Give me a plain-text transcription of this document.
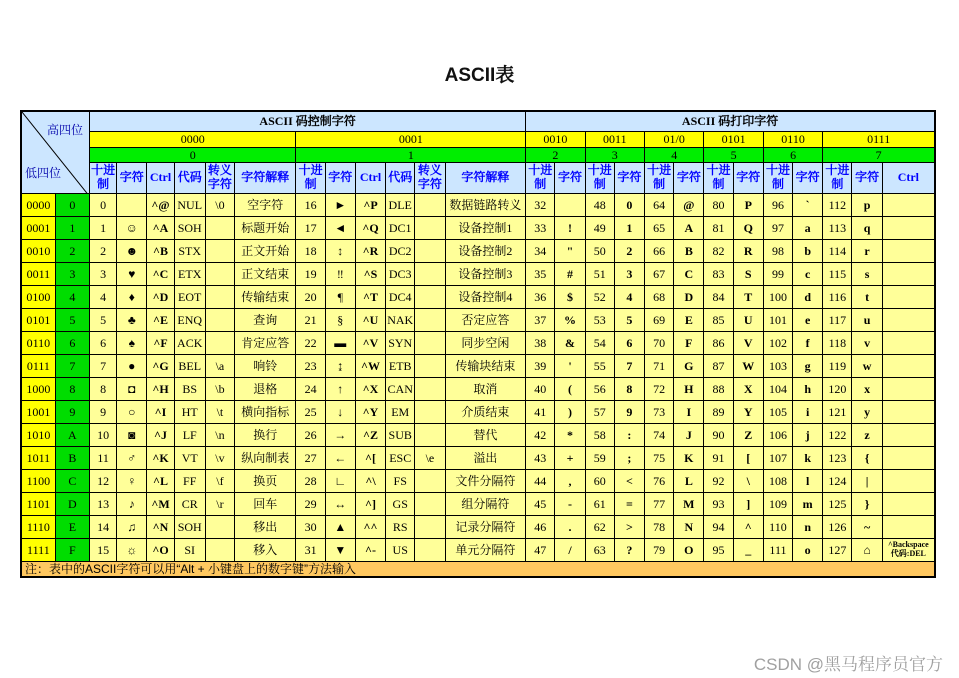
ASCII表
高四位
低四位		ASCII 码控制字符												ASCII 码打印字符												
		0000						0001						0010		0011		01/0		0101		0110		0111		
		0						1						2		3		4		5		6		7		
		十进制	字符	Ctrl	代码	转义字符	字符解释	十进制	字符	Ctrl	代码	转义字符	字符解释	十进制	字符	十进制	字符	十进制	字符	十进制	字符	十进制	字符	十进制	字符	Ctrl
0000	0	0		^@	NUL	\0	空字符	16	►	^P	DLE		数据链路转义	32		48	0	64	@	80	P	96	`	112	p	
0001	1	1	☺	^A	SOH		标题开始	17	◄	^Q	DC1		设备控制1	33	!	49	1	65	A	81	Q	97	a	113	q	
0010	2	2	☻	^B	STX		正文开始	18	↕	^R	DC2		设备控制2	34	"	50	2	66	B	82	R	98	b	114	r	
0011	3	3	♥	^C	ETX		正文结束	19	‼	^S	DC3		设备控制3	35	#	51	3	67	C	83	S	99	c	115	s	
0100	4	4	♦	^D	EOT		传输结束	20	¶	^T	DC4		设备控制4	36	$	52	4	68	D	84	T	100	d	116	t	
0101	5	5	♣	^E	ENQ		查询	21	§	^U	NAK		否定应答	37	%	53	5	69	E	85	U	101	e	117	u	
0110	6	6	♠	^F	ACK		肯定应答	22	▬	^V	SYN		同步空闲	38	&	54	6	70	F	86	V	102	f	118	v	
0111	7	7	●	^G	BEL	\a	响铃	23	↨	^W	ETB		传输块结束	39	'	55	7	71	G	87	W	103	g	119	w	
1000	8	8	◘	^H	BS	\b	退格	24	↑	^X	CAN		取消	40	(	56	8	72	H	88	X	104	h	120	x	
1001	9	9	○	^I	HT	\t	横向指标	25	↓	^Y	EM		介质结束	41	)	57	9	73	I	89	Y	105	i	121	y	
1010	A	10	◙	^J	LF	\n	换行	26	→	^Z	SUB		替代	42	*	58	:	74	J	90	Z	106	j	122	z	
1011	B	11	♂	^K	VT	\v	纵向制表	27	←	^[	ESC	\e	溢出	43	+	59	;	75	K	91	[	107	k	123	{	
1100	C	12	♀	^L	FF	\f	换页	28	∟	^\	FS		文件分隔符	44	,	60	<	76	L	92	\	108	l	124	|	
1101	D	13	♪	^M	CR	\r	回车	29	↔	^]	GS		组分隔符	45	-	61	=	77	M	93	]	109	m	125	}	
1110	E	14	♫	^N	SOH		移出	30	▲	^^	RS		记录分隔符	46	.	62	>	78	N	94	^	110	n	126	~	
1111	F	15	☼	^O	SI		移入	31	▼	^-	US		单元分隔符	47	/	63	?	79	O	95	_	111	o	127	⌂	^Backspace
代码:DEL

注：表中的ASCII字符可以用“Alt + 小键盘上的数字键”方法输入																										
CSDN @黑马程序员官方
